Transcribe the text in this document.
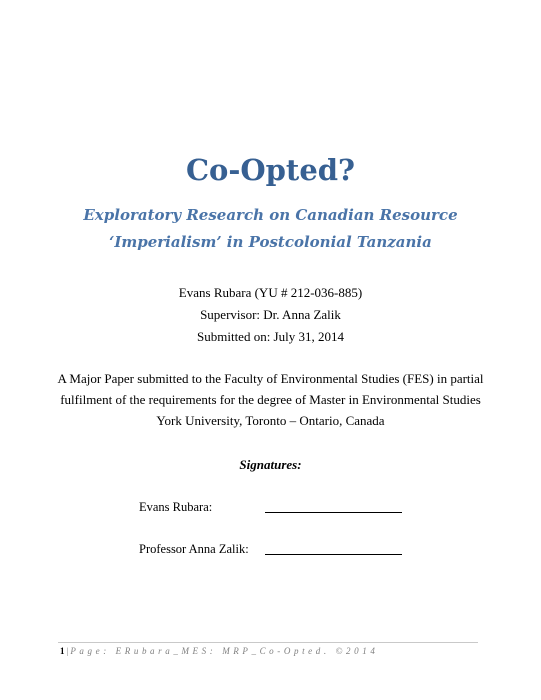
Co-Opted?
Exploratory Research on Canadian Resource
‘Imperialism’ in Postcolonial Tanzania
Evans Rubara (YU # 212-036-885)
Supervisor: Dr. Anna Zalik
Submitted on: July 31, 2014
A Major Paper submitted to the Faculty of Environmental Studies (FES) in partial
fulfilment of the requirements for the degree of Master in Environmental Studies
York University, Toronto – Ontario, Canada
Signatures:
Evans Rubara:
Professor Anna Zalik:
1 | Page: ERubara_MES: MRP_Co-Opted. ©2014
